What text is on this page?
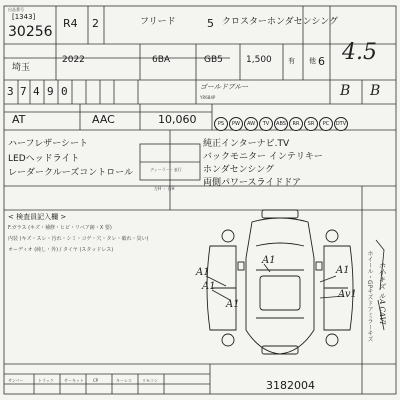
出品番号
[1343]
30256
R4 2	フリード	5 クロスターホンダセンシング
2022	6BA	GB5	1,500 有 他 6 4.5
埼玉
3 7 4 9 0	ゴールドブルー
YR684P	B B
AT	AAC	10,060	PS PW AW TV ABS RR SR PC DTV
ハーフレザーシート
LEDヘッドライト
レーダークルーズコントロール	ディーラー・並行
左H ・ 右H
純正インターナビ.TV
バックモニター インテリキー
ホンダセンシング
両側パワースライドドア
< 検査員記入欄 >
F.ガラス (キズ・補修・ヒビ・リペア跡・X 要)
内装 (キズ・スレ・汚れ・シミ・コゲ・穴・タレ・破れ・臭い)
オーディオ (純し・外) / タイヤ (スタッドレス)
A1
A1
A1
A1
A1
Av1 ホイール・GPキズ
ドアミラーキズ ホ小キズ ルA CAVI
サンバー	トラック	サーキット CP	キーレス	リモコン	3182004
